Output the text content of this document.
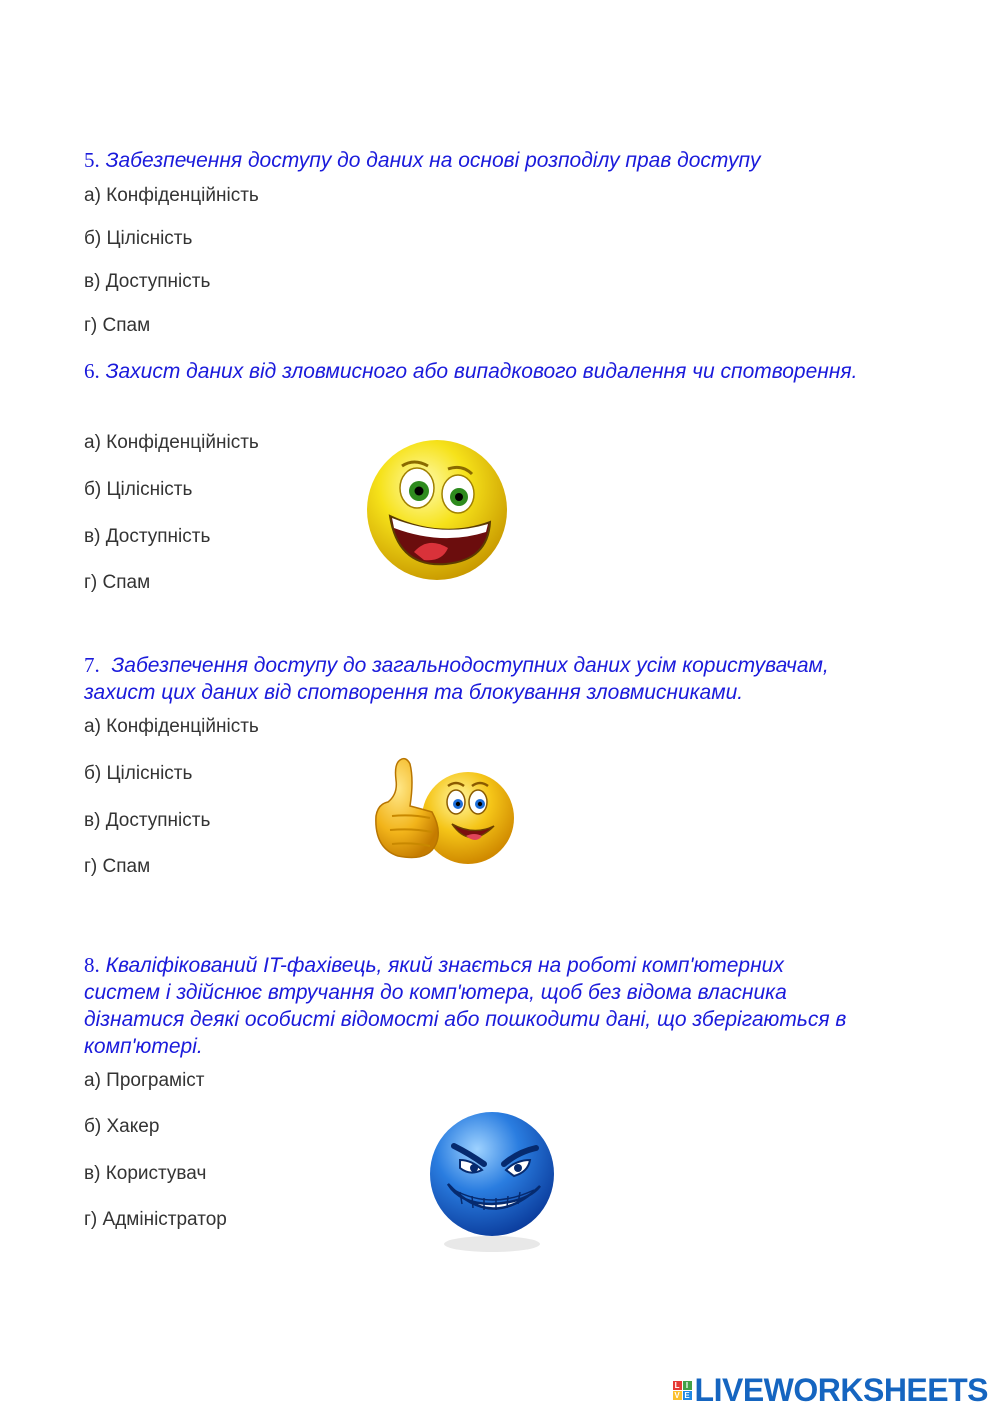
5. Забезпечення доступу до даних на основі розподілу прав доступу

а) Конфіденційність

б) Цілісність

в) Доступність

г) Спам

6. Захист даних від зловмисного або випадкового видалення чи спотворення.

а) Конфіденційність

б) Цілісність

в) Доступність

г) Спам

7. Забезпечення доступу до загальнодоступних даних усім користувачам,
захист цих даних від спотворення та блокування зловмисниками.

а) Конфіденційність

б) Цілісність

в) Доступність

г) Спам

8. Кваліфікований IT-фахівець, який знається на роботі комп'ютерних
систем і здійснює втручання до комп'ютера, щоб без відома власника
дізнатися деякі особисті відомості або пошкодити дані, що зберігаються в
комп'ютері.

а) Програміст

б) Хакер

в) Користувач

г) Адміністратор

L I
V E LIVEWORKSHEETS
